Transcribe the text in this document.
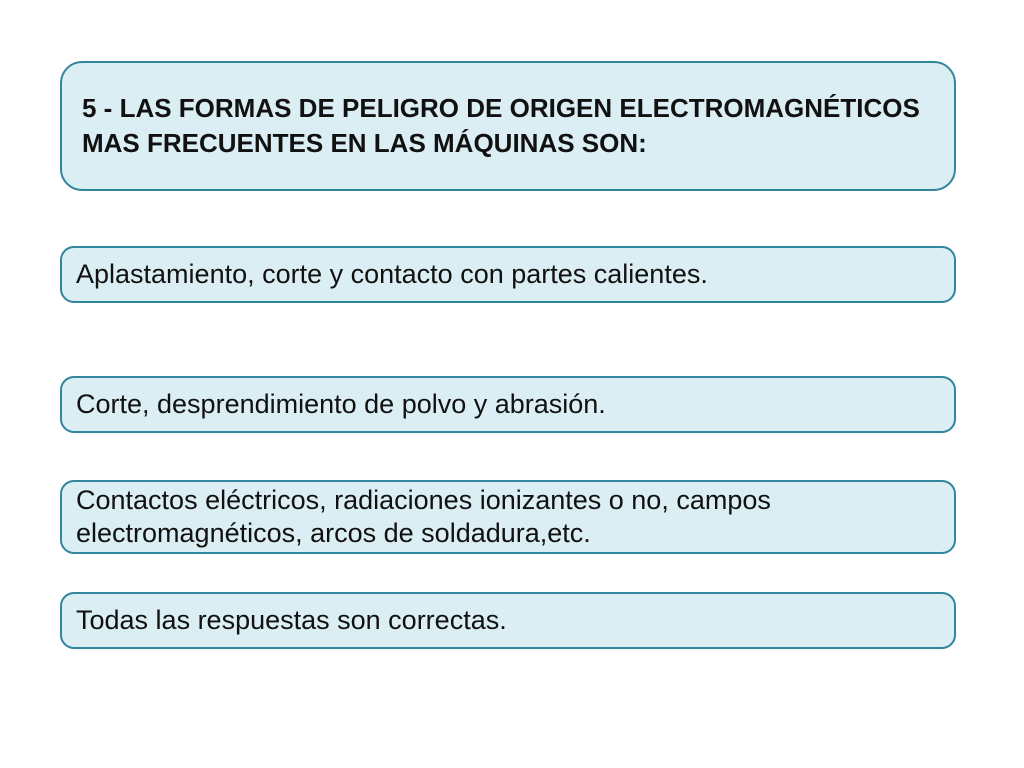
5 - LAS FORMAS DE PELIGRO DE ORIGEN ELECTROMAGNÉTICOS MAS FRECUENTES EN LAS MÁQUINAS SON:
Aplastamiento, corte y contacto con partes calientes.
Corte, desprendimiento de polvo y abrasión.
Contactos eléctricos, radiaciones ionizantes o no, campos electromagnéticos, arcos de soldadura,etc.
Todas las respuestas son correctas.
